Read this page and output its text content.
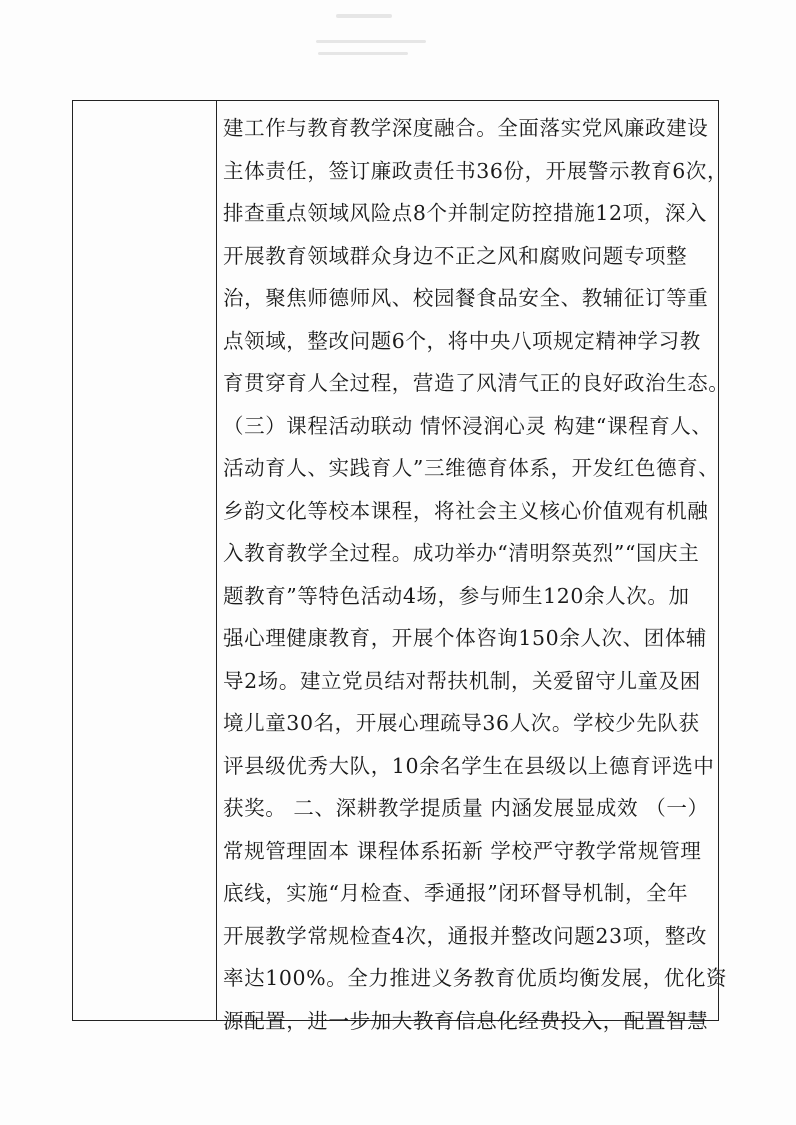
建工作与教育教学深度融合。全面落实党风廉政建设
主体责任，签订廉政责任书36份，开展警示教育6次，
排查重点领域风险点8个并制定防控措施12项，深入
开展教育领域群众身边不正之风和腐败问题专项整
治，聚焦师德师风、校园餐食品安全、教辅征订等重
点领域，整改问题6个，将中央八项规定精神学习教
育贯穿育人全过程，营造了风清气正的良好政治生态。
（三）课程活动联动 情怀浸润心灵 构建“课程育人、
活动育人、实践育人”三维德育体系，开发红色德育、
乡韵文化等校本课程，将社会主义核心价值观有机融
入教育教学全过程。成功举办“清明祭英烈”“国庆主
题教育”等特色活动4场，参与师生120余人次。加
强心理健康教育，开展个体咨询150余人次、团体辅
导2场。建立党员结对帮扶机制，关爱留守儿童及困
境儿童30名，开展心理疏导36人次。学校少先队获
评县级优秀大队，10余名学生在县级以上德育评选中
获奖。 二、深耕教学提质量 内涵发展显成效 （一）
常规管理固本 课程体系拓新 学校严守教学常规管理
底线，实施“月检查、季通报”闭环督导机制，全年
开展教学常规检查4次，通报并整改问题23项，整改
率达100%。全力推进义务教育优质均衡发展，优化资
源配置，进一步加大教育信息化经费投入，配置智慧
